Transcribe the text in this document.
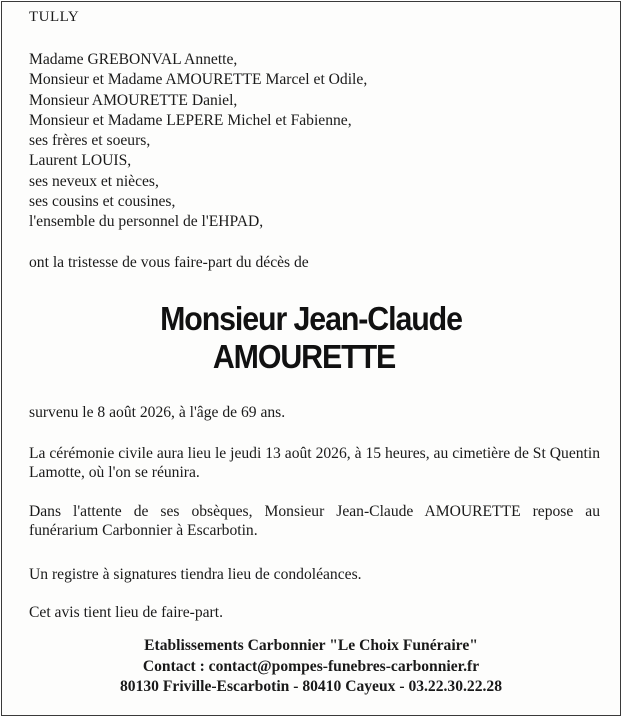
TULLY
Madame GREBONVAL Annette,
Monsieur et Madame AMOURETTE Marcel et Odile,
Monsieur AMOURETTE Daniel,
Monsieur et Madame LEPERE Michel et Fabienne,
ses frères et soeurs,
Laurent LOUIS,
ses neveux et nièces,
ses cousins et cousines,
l'ensemble du personnel de l'EHPAD,
ont la tristesse de vous faire-part du décès de
Monsieur Jean-Claude
AMOURETTE
survenu le 8 août 2026, à l'âge de 69 ans.
La cérémonie civile aura lieu le jeudi 13 août 2026, à 15 heures, au cimetière de St Quentin Lamotte, où l'on se réunira.
Dans l'attente de ses obsèques, Monsieur Jean-Claude AMOURETTE repose au funérarium Carbonnier à Escarbotin.
Un registre à signatures tiendra lieu de condoléances.
Cet avis tient lieu de faire-part.
Etablissements Carbonnier "Le Choix Funéraire"
Contact : contact@pompes-funebres-carbonnier.fr
80130 Friville-Escarbotin - 80410 Cayeux - 03.22.30.22.28
